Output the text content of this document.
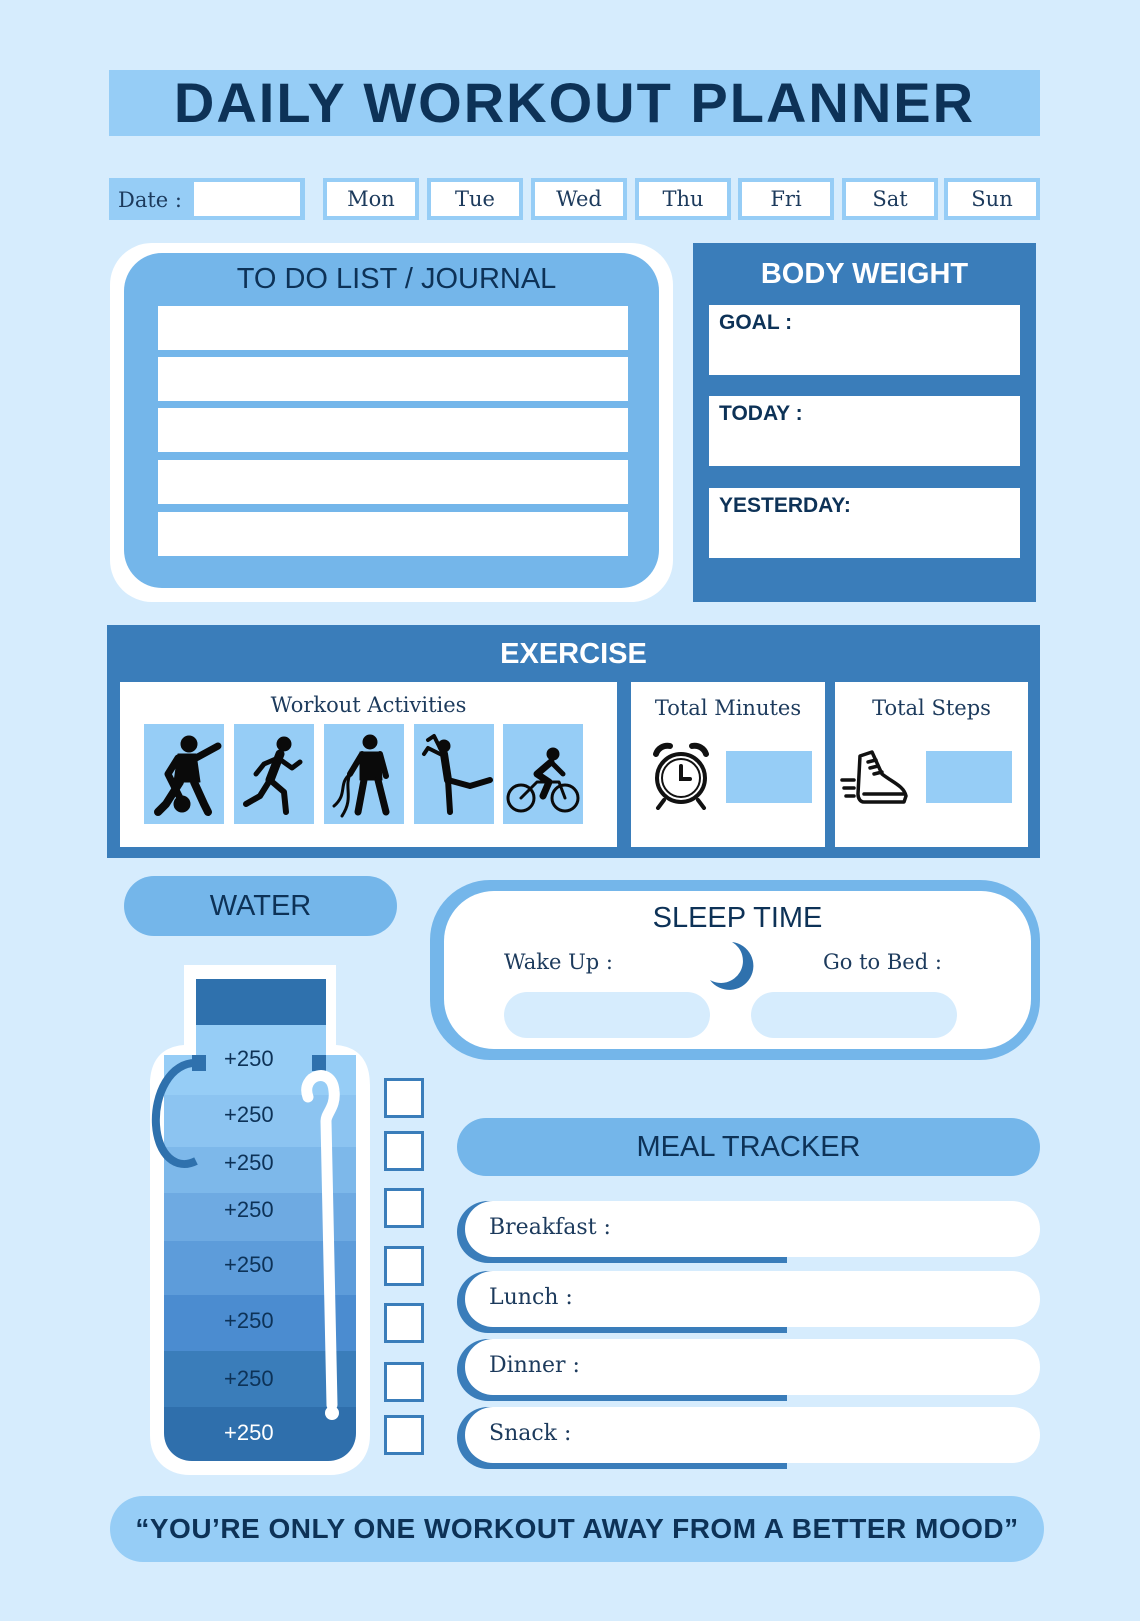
DAILY WORKOUT PLANNER
Date :	Mon	Tue	Wed	Thu	Fri	Sat	Sun
TO DO LIST / JOURNAL	BODY WEIGHT
GOAL :
TODAY :
YESTERDAY:
EXERCISE
Workout Activities	Total Minutes	Total Steps
WATER
+250
+250
+250
+250
+250
+250
+250
+250
SLEEP TIME
Wake Up :	Go to Bed :
MEAL TRACKER
Breakfast :
Lunch :
Dinner :
Snack :
“YOU’RE ONLY ONE WORKOUT AWAY FROM A BETTER MOOD”
